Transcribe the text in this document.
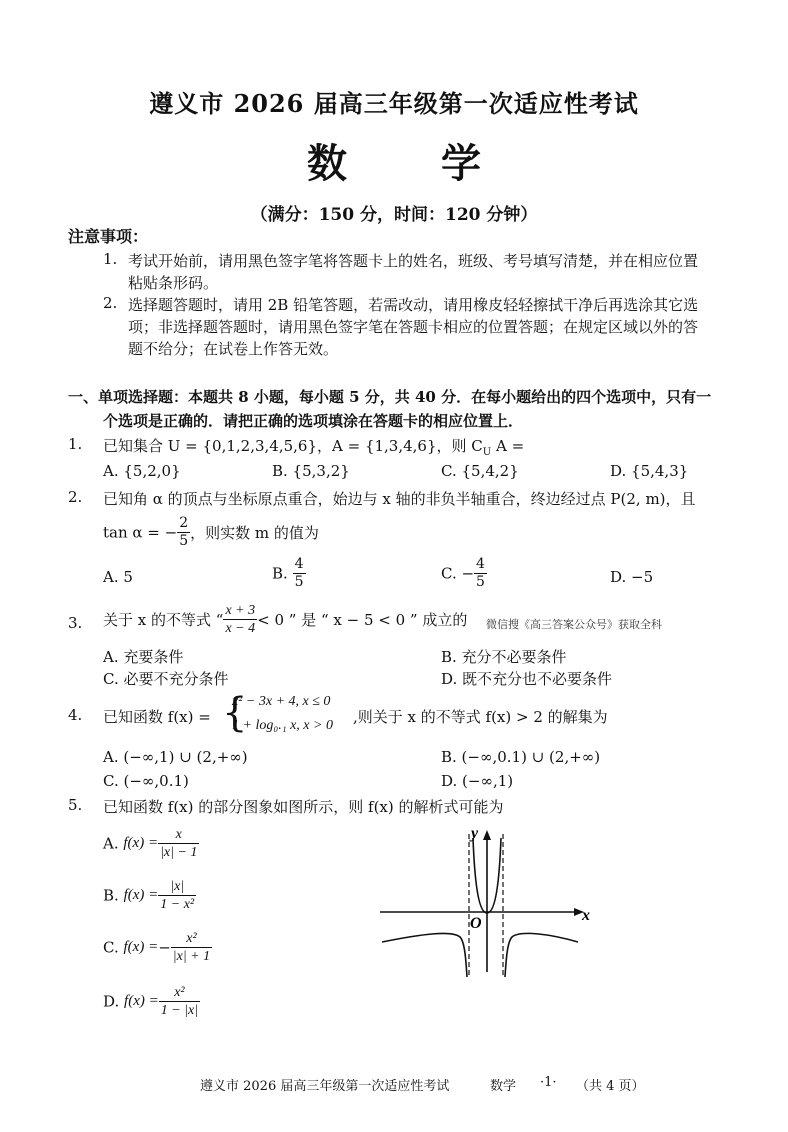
遵义市 2026 届高三年级第一次适应性考试
数 学
（满分：150 分，时间：120 分钟）
注意事项：
1. 考试开始前，请用黑色签字笔将答题卡上的姓名，班级、考号填写清楚，并在相应位置
粘贴条形码。
2. 选择题答题时，请用 2B 铅笔答题，若需改动，请用橡皮轻轻擦拭干净后再选涂其它选
项；非选择题答题时，请用黑色签字笔在答题卡相应的位置答题；在规定区域以外的答
题不给分；在试卷上作答无效。
一、单项选择题：本题共 8 小题，每小题 5 分，共 40 分．在每小题给出的四个选项中，只有一
个选项是正确的．请把正确的选项填涂在答题卡的相应位置上．
1. 已知集合 U = {0,1,2,3,4,5,6}，A = {1,3,4,6}，则 $C_U$ A =
A. {5,2,0}	B. {5,3,2}	C. {5,4,2}	D. {5,4,3}
2. 已知角 α 的顶点与坐标原点重合，始边与 x 轴的非负半轴重合，终边经过点 P(2, m)，且
tan α = − $\frac{2}{5}$ ，则实数 m 的值为
A. 5	B. $\frac{4}{5}$	C. − $\frac{4}{5}$	D. −5
3. 关于 x 的不等式 “ $\frac{x + 3}{x - 4} < 0$ ” 是 “ x − 5 < 0 ” 成立的 微信搜《高三答案公众号》获取全科
A. 充要条件	B. 充分不必要条件
C. 必要不充分条件	D. 既不充分也不必要条件
4. 已知函数 f(x) = {
x² − 3x + 4, x ≤ 0
1 + log₀.₁ x, x > 0 ,则关于 x 的不等式 f(x) > 2 的解集为
A. (−∞,1) ∪ (2,+∞)	B. (−∞,0.1) ∪ (2,+∞)
C. (−∞,0.1)	D. (−∞,1)
5. 已知函数 f(x) 的部分图象如图所示，则 f(x) 的解析式可能为
A. $f(x) = \frac{x}{|x| - 1}$
B. $f(x) = \frac{|x|}{\text{1 − x²}}$
C. $f(x) =- \frac{\text{x²}}{|x| + 1}$
D. $f(x) = \frac{\text{x²}}{1 - |x|}$
y
x
O
遵义市 2026 届高三年级第一次适应性考试	数学 ·1· （共 4 页）
